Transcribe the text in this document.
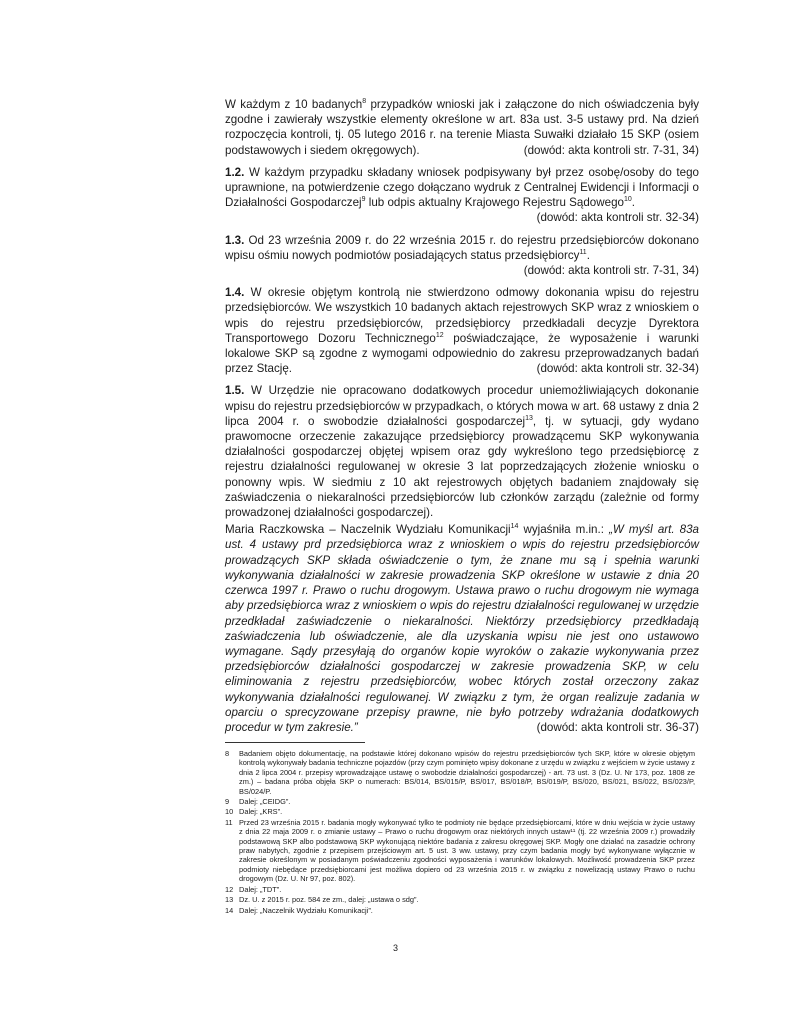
W każdym z 10 badanych$^8$ przypadków wnioski jak i załączone do nich oświadczenia były zgodne i zawierały wszystkie elementy określone w art. 83a ust. 3-5 ustawy prd. Na dzień rozpoczęcia kontroli, tj. 05 lutego 2016 r. na terenie Miasta Suwałki działało 15 SKP (osiem podstawowych i siedem okręgowych).	(dowód: akta kontroli str. 7-31, 34)

1.2. W każdym przypadku składany wniosek podpisywany był przez osobę/osoby do tego uprawnione, na potwierdzenie czego dołączano wydruk z Centralnej Ewidencji i Informacji o Działalności Gospodarczej$^9$ lub odpis aktualny Krajowego Rejestru Sądowego$^{10}$.

(dowód: akta kontroli str. 32-34)

1.3. Od 23 września 2009 r. do 22 września 2015 r. do rejestru przedsiębiorców dokonano wpisu ośmiu nowych podmiotów posiadających status przedsiębiorcy$^{11}$.

(dowód: akta kontroli str. 7-31, 34)

1.4. W okresie objętym kontrolą nie stwierdzono odmowy dokonania wpisu do rejestru przedsiębiorców. We wszystkich 10 badanych aktach rejestrowych SKP wraz z wnioskiem o wpis do rejestru przedsiębiorców, przedsiębiorcy przedkładali decyzje Dyrektora Transportowego Dozoru Technicznego$^{12}$ poświadczające, że wyposażenie i warunki lokalowe SKP są zgodne z wymogami odpowiednio do zakresu przeprowadzanych badań przez Stację.	(dowód: akta kontroli str. 32-34)

1.5. W Urzędzie nie opracowano dodatkowych procedur uniemożliwiających dokonanie wpisu do rejestru przedsiębiorców w przypadkach, o których mowa w art. 68 ustawy z dnia 2 lipca 2004 r. o swobodzie działalności gospodarczej$^{13}$, tj. w sytuacji, gdy wydano prawomocne orzeczenie zakazujące przedsiębiorcy prowadzącemu SKP wykonywania działalności gospodarczej objętej wpisem oraz gdy wykreślono tego przedsiębiorcę z rejestru działalności regulowanej w okresie 3 lat poprzedzających złożenie wniosku o ponowny wpis. W siedmiu z 10 akt rejestrowych objętych badaniem znajdowały się zaświadczenia o niekaralności przedsiębiorców lub członków zarządu (zależnie od formy prowadzonej działalności gospodarczej).

Maria Raczkowska – Naczelnik Wydziału Komunikacji$^{14}$ wyjaśniła m.in.: „W myśl art. 83a ust. 4 ustawy prd przedsiębiorca wraz z wnioskiem o wpis do rejestru przedsiębiorców prowadzących SKP składa oświadczenie o tym, że znane mu są i spełnia warunki wykonywania działalności w zakresie prowadzenia SKP określone w ustawie z dnia 20 czerwca 1997 r. Prawo o ruchu drogowym. Ustawa prawo o ruchu drogowym nie wymaga aby przedsiębiorca wraz z wnioskiem o wpis do rejestru działalności regulowanej w urzędzie przedkładał zaświadczenie o niekaralności. Niektórzy przedsiębiorcy przedkładają zaświadczenia lub oświadczenie, ale dla uzyskania wpisu nie jest ono ustawowo wymagane. Sądy przesyłają do organów kopie wyroków o zakazie wykonywania przez przedsiębiorców działalności gospodarczej w zakresie prowadzenia SKP, w celu eliminowania z rejestru przedsiębiorców, wobec których został orzeczony zakaz wykonywania działalności regulowanej. W związku z tym, że organ realizuje zadania w oparciu o sprecyzowane przepisy prawne, nie było potrzeby wdrażania dodatkowych procedur w tym zakresie.”	(dowód: akta kontroli str. 36-37)

8 Badaniem objęto dokumentację, na podstawie której dokonano wpisów do rejestru przedsiębiorców tych SKP, które w okresie objętym kontrolą wykonywały badania techniczne pojazdów (przy czym pominięto wpisy dokonane z urzędu w związku z wejściem w życie ustawy z dnia 2 lipca 2004 r. przepisy wprowadzające ustawę o swobodzie działalności gospodarczej) - art. 73 ust. 3 (Dz. U. Nr 173, poz. 1808 ze zm.) – badana próba objęła SKP o numerach: BS/014, BS/015/P, BS/017, BS/018/P, BS/019/P, BS/020, BS/021, BS/022, BS/023/P, BS/024/P.
9 Dalej: „CEIDG”.
10 Dalej: „KRS”.
11 Przed 23 września 2015 r. badania mogły wykonywać tylko te podmioty nie będące przedsiębiorcami, które w dniu wejścia w życie ustawy z dnia 22 maja 2009 r. o zmianie ustawy – Prawo o ruchu drogowym oraz niektórych innych ustaw¹¹ (tj. 22 września 2009 r.) prowadziły podstawową SKP albo podstawową SKP wykonującą niektóre badania z zakresu okręgowej SKP. Mogły one działać na zasadzie ochrony praw nabytych, zgodnie z przepisem przejściowym art. 5 ust. 3 ww. ustawy, przy czym badania mogły być wykonywane wyłącznie w zakresie określonym w posiadanym poświadczeniu zgodności wyposażenia i warunków lokalowych. Możliwość prowadzenia SKP przez podmioty niebędące przedsiębiorcami jest możliwa dopiero od 23 września 2015 r. w związku z nowelizacją ustawy Prawo o ruchu drogowym (Dz. U. Nr 97, poz. 802).
12 Dalej: „TDT”.
13 Dz. U. z 2015 r. poz. 584 ze zm., dalej: „ustawa o sdg”.
14 Dalej: „Naczelnik Wydziału Komunikacji”.
3
